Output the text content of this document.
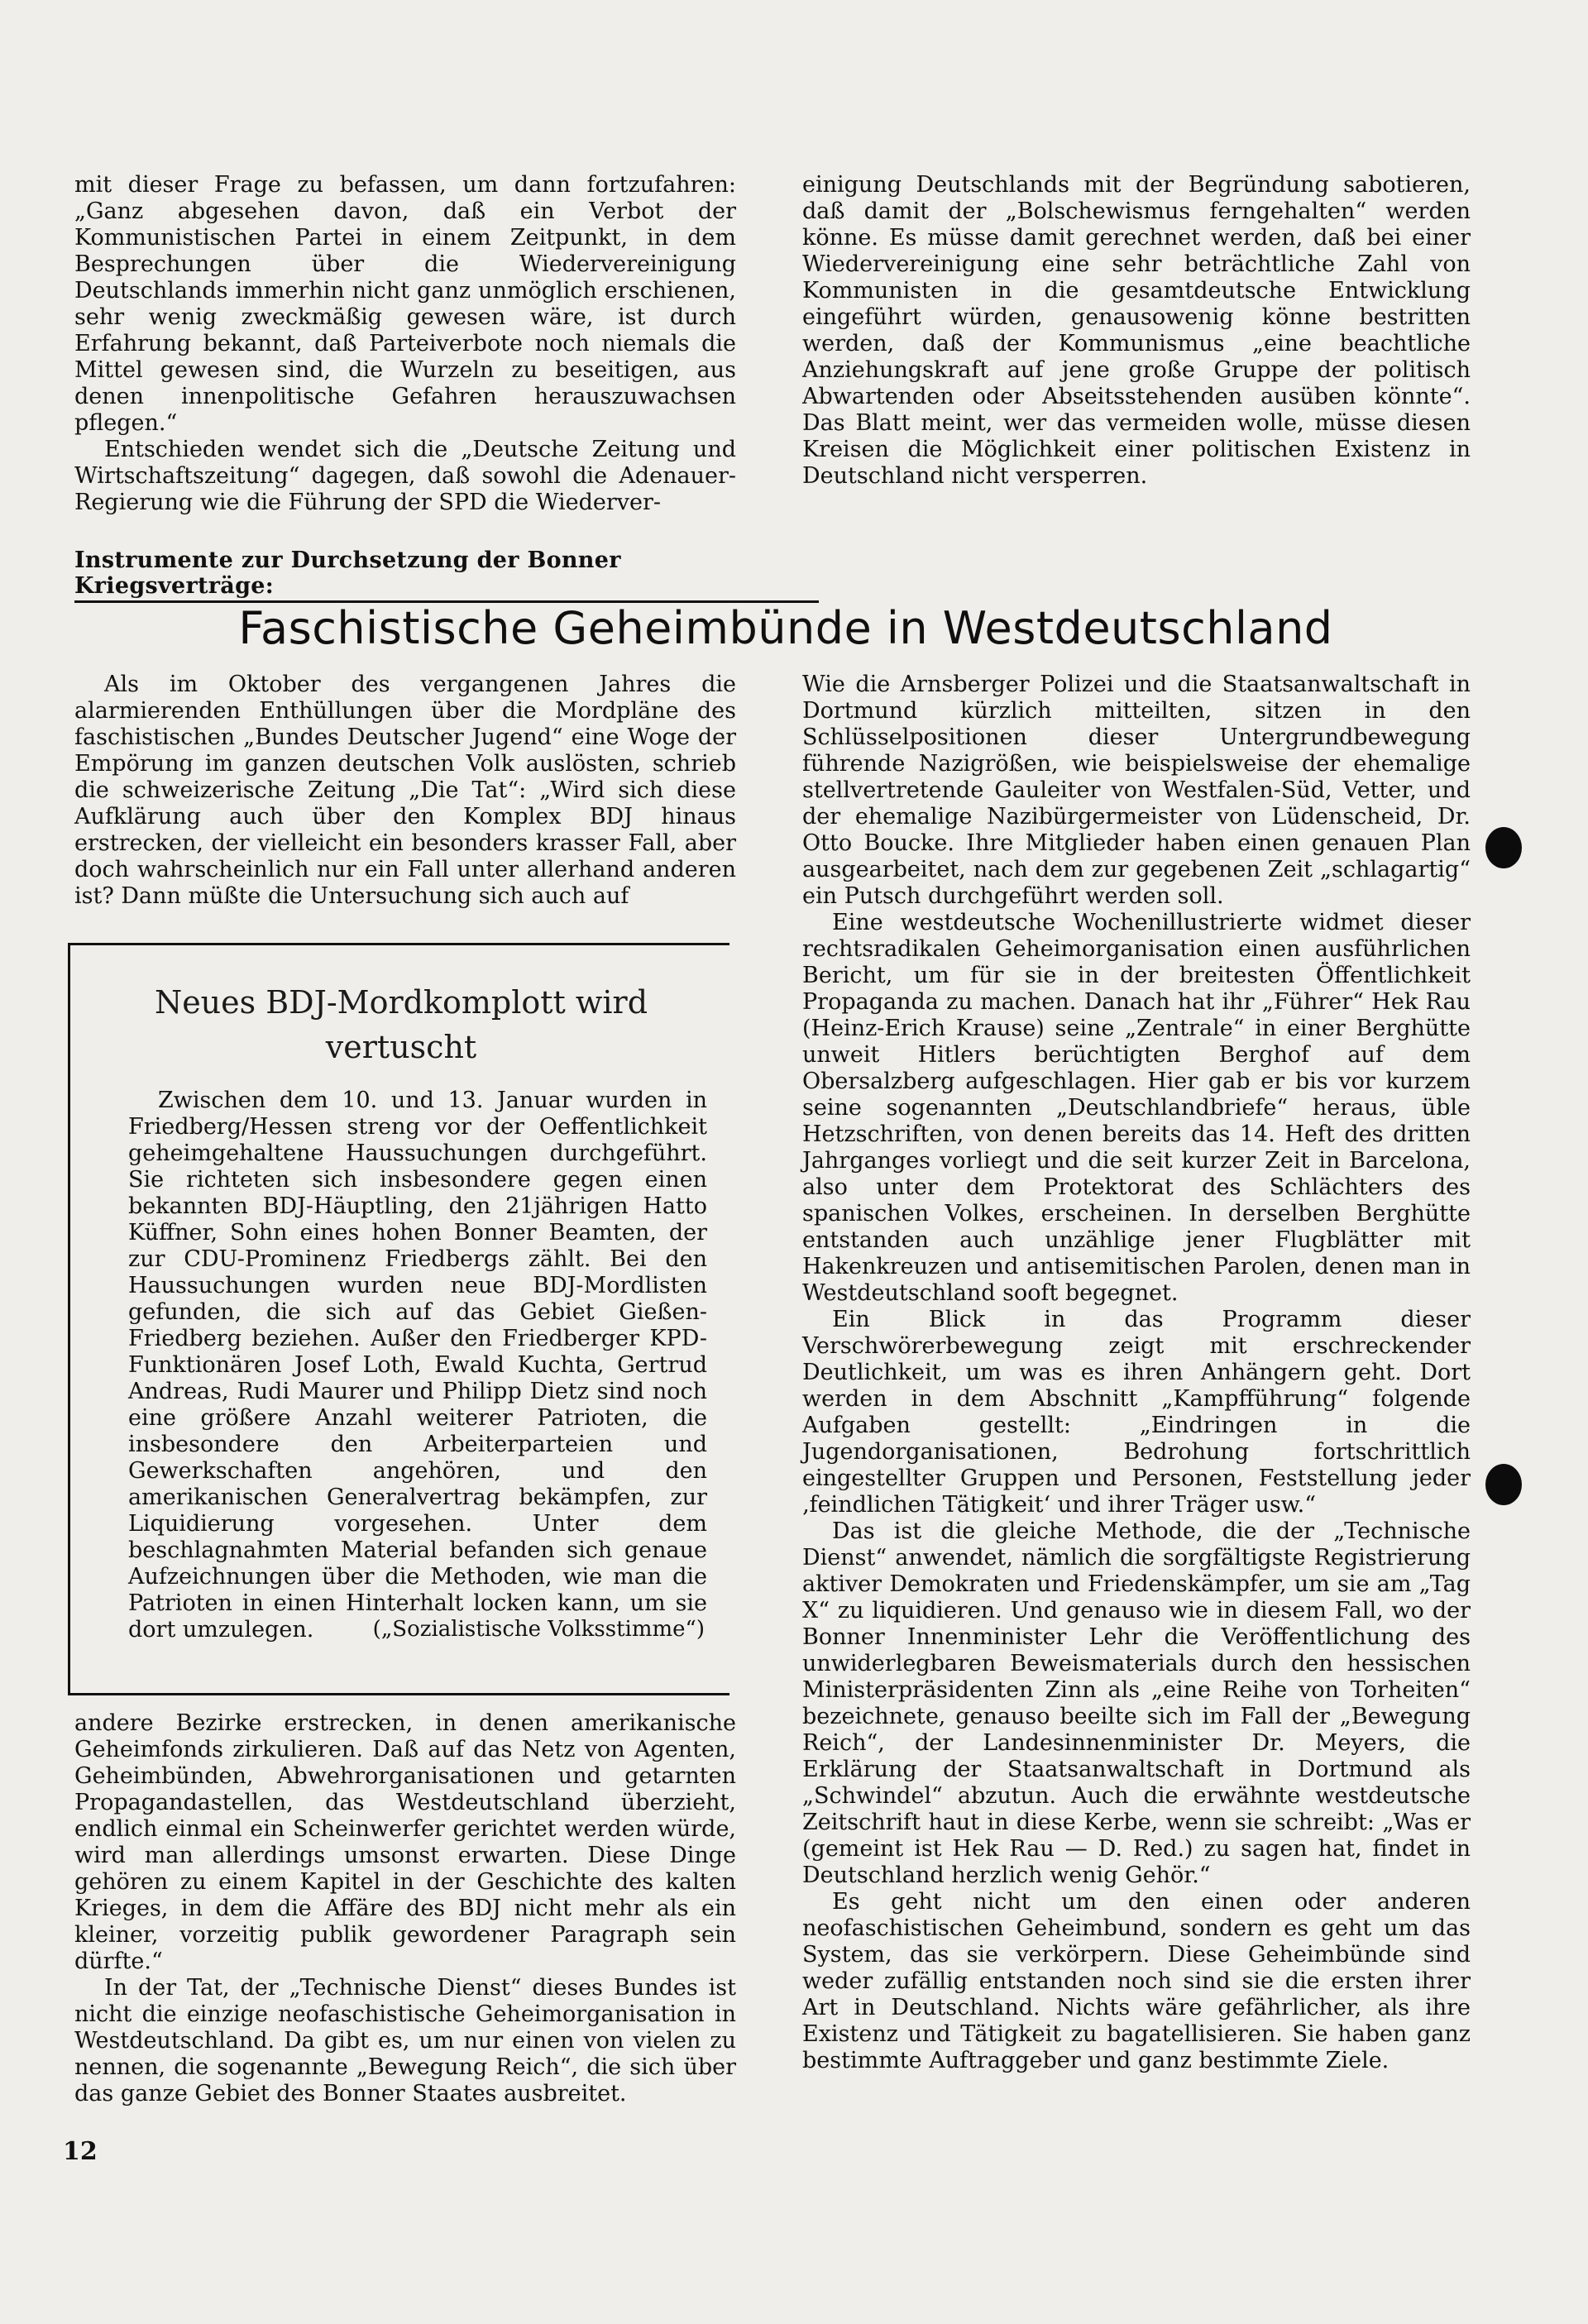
mit dieser Frage zu befassen, um dann fortzufahren: „Ganz abgesehen davon, daß ein Verbot der Kommunistischen Partei in einem Zeitpunkt, in dem Besprechungen über die Wiedervereinigung Deutschlands immerhin nicht ganz unmöglich erschienen, sehr wenig zweckmäßig gewesen wäre, ist durch Erfahrung bekannt, daß Parteiverbote noch niemals die Mittel gewesen sind, die Wurzeln zu beseitigen, aus denen innenpolitische Gefahren herauszuwachsen pflegen.“

Entschieden wendet sich die „Deutsche Zeitung und Wirtschaftszeitung“ dagegen, daß sowohl die Adenauer-Regierung wie die Führung der SPD die Wiederver-

einigung Deutschlands mit der Begründung sabotieren, daß damit der „Bolschewismus ferngehalten“ werden könne. Es müsse damit gerechnet werden, daß bei einer Wiedervereinigung eine sehr beträchtliche Zahl von Kommunisten in die gesamtdeutsche Entwicklung eingeführt würden, genausowenig könne bestritten werden, daß der Kommunismus „eine beachtliche Anziehungskraft auf jene große Gruppe der politisch Abwartenden oder Abseitsstehenden ausüben könnte“. Das Blatt meint, wer das vermeiden wolle, müsse diesen Kreisen die Möglichkeit einer politischen Existenz in Deutschland nicht versperren.

Instrumente zur Durchsetzung der Bonner Kriegsverträge:
Faschistische Geheimbünde in Westdeutschland

Als im Oktober des vergangenen Jahres die alarmierenden Enthüllungen über die Mordpläne des faschistischen „Bundes Deutscher Jugend“ eine Woge der Empörung im ganzen deutschen Volk auslösten, schrieb die schweizerische Zeitung „Die Tat“: „Wird sich diese Aufklärung auch über den Komplex BDJ hinaus erstrecken, der vielleicht ein besonders krasser Fall, aber doch wahrscheinlich nur ein Fall unter allerhand anderen ist? Dann müßte die Untersuchung sich auch auf

Neues BDJ-Mordkomplott wird vertuscht

Zwischen dem 10. und 13. Januar wurden in Friedberg/Hessen streng vor der Oeffentlichkeit geheimgehaltene Haussuchungen durchgeführt. Sie richteten sich insbesondere gegen einen bekannten BDJ-Häuptling, den 21jährigen Hatto Küffner, Sohn eines hohen Bonner Beamten, der zur CDU-Prominenz Friedbergs zählt. Bei den Haussuchungen wurden neue BDJ-Mordlisten gefunden, die sich auf das Gebiet Gießen-Friedberg beziehen. Außer den Friedberger KPD-Funktionären Josef Loth, Ewald Kuchta, Gertrud Andreas, Rudi Maurer und Philipp Dietz sind noch eine größere Anzahl weiterer Patrioten, die insbesondere den Arbeiterparteien und Gewerkschaften angehören, und den amerikanischen Generalvertrag bekämpfen, zur Liquidierung vorgesehen. Unter dem beschlagnahmten Material befanden sich genaue Aufzeichnungen über die Methoden, wie man die Patrioten in einen Hinterhalt locken kann, um sie dort umzulegen.	(„Sozialistische Volksstimme“)

andere Bezirke erstrecken, in denen amerikanische Geheimfonds zirkulieren. Daß auf das Netz von Agenten, Geheimbünden, Abwehrorganisationen und getarnten Propagandastellen, das Westdeutschland überzieht, endlich einmal ein Scheinwerfer gerichtet werden würde, wird man allerdings umsonst erwarten. Diese Dinge gehören zu einem Kapitel in der Geschichte des kalten Krieges, in dem die Affäre des BDJ nicht mehr als ein kleiner, vorzeitig publik gewordener Paragraph sein dürfte.“

In der Tat, der „Technische Dienst“ dieses Bundes ist nicht die einzige neofaschistische Geheimorganisation in Westdeutschland. Da gibt es, um nur einen von vielen zu nennen, die sogenannte „Bewegung Reich“, die sich über das ganze Gebiet des Bonner Staates ausbreitet.

Wie die Arnsberger Polizei und die Staatsanwaltschaft in Dortmund kürzlich mitteilten, sitzen in den Schlüsselpositionen dieser Untergrundbewegung führende Nazigrößen, wie beispielsweise der ehemalige stellvertretende Gauleiter von Westfalen-Süd, Vetter, und der ehemalige Nazibürgermeister von Lüdenscheid, Dr. Otto Boucke. Ihre Mitglieder haben einen genauen Plan ausgearbeitet, nach dem zur gegebenen Zeit „schlagartig“ ein Putsch durchgeführt werden soll.

Eine westdeutsche Wochenillustrierte widmet dieser rechtsradikalen Geheimorganisation einen ausführlichen Bericht, um für sie in der breitesten Öffentlichkeit Propaganda zu machen. Danach hat ihr „Führer“ Hek Rau (Heinz-Erich Krause) seine „Zentrale“ in einer Berghütte unweit Hitlers berüchtigten Berghof auf dem Obersalzberg aufgeschlagen. Hier gab er bis vor kurzem seine sogenannten „Deutschlandbriefe“ heraus, üble Hetzschriften, von denen bereits das 14. Heft des dritten Jahrganges vorliegt und die seit kurzer Zeit in Barcelona, also unter dem Protektorat des Schlächters des spanischen Volkes, erscheinen. In derselben Berghütte entstanden auch unzählige jener Flugblätter mit Hakenkreuzen und antisemitischen Parolen, denen man in Westdeutschland sooft begegnet.

Ein Blick in das Programm dieser Verschwörerbewegung zeigt mit erschreckender Deutlichkeit, um was es ihren Anhängern geht. Dort werden in dem Abschnitt „Kampfführung“ folgende Aufgaben gestellt: „Eindringen in die Jugendorganisationen, Bedrohung fortschrittlich eingestellter Gruppen und Personen, Feststellung jeder ‚feindlichen Tätigkeit‘ und ihrer Träger usw.“

Das ist die gleiche Methode, die der „Technische Dienst“ anwendet, nämlich die sorgfältigste Registrierung aktiver Demokraten und Friedenskämpfer, um sie am „Tag X“ zu liquidieren. Und genauso wie in diesem Fall, wo der Bonner Innenminister Lehr die Veröffentlichung des unwiderlegbaren Beweismaterials durch den hessischen Ministerpräsidenten Zinn als „eine Reihe von Torheiten“ bezeichnete, genauso beeilte sich im Fall der „Bewegung Reich“, der Landesinnenminister Dr. Meyers, die Erklärung der Staatsanwaltschaft in Dortmund als „Schwindel“ abzutun. Auch die erwähnte westdeutsche Zeitschrift haut in diese Kerbe, wenn sie schreibt: „Was er (gemeint ist Hek Rau — D. Red.) zu sagen hat, findet in Deutschland herzlich wenig Gehör.“

Es geht nicht um den einen oder anderen neofaschistischen Geheimbund, sondern es geht um das System, das sie verkörpern. Diese Geheimbünde sind weder zufällig entstanden noch sind sie die ersten ihrer Art in Deutschland. Nichts wäre gefährlicher, als ihre Existenz und Tätigkeit zu bagatellisieren. Sie haben ganz bestimmte Auftraggeber und ganz bestimmte Ziele.

12
